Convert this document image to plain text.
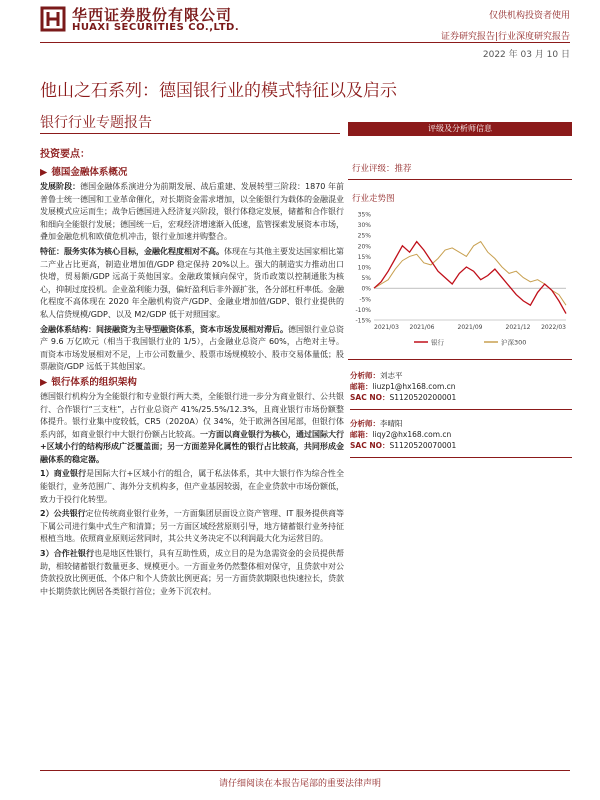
华西证券股份有限公司
HUAXI SECURITIES CO.,LTD.
仅供机构投资者使用
证券研究报告|行业深度研究报告
2022 年 03 月 10 日
他山之石系列：德国银行业的模式特征以及启示
银行行业专题报告
投资要点：
▶ 德国金融体系概况

发展阶段：德国金融体系演进分为前期发展、战后重建、发展转型三阶段：1870 年前普鲁士统一德国和工业革命催化，对长期资金需求增加，以全能银行为载体的金融混业发展模式应运而生；战争后德国进入经济复兴阶段，银行体稳定发展，储蓄和合作银行和细向全能银行发展；德国统一后，宏观经济增速渐入低速，监管探索发展资本市场，叠加金融危机和欧债危机冲击，银行业加速并购整合。

特征：服务实体为核心目标，金融化程度相对不高。体现在与其他主要发达国家相比第二产业占比更高，制造业增加值/GDP 稳定保持 20%以上。强大的制造实力推动出口快增，贸易额/GDP 远高于英他国家。金融政策倾向保守，货币政策以控制通胀为核心，抑制过度投机。企业盈利能力强，偏好盈利后非外源扩张，各分部杠杆率低。金融化程度不高体现在 2020 年全融机构资产/GDP、金融业增加值/GDP、银行业提供的私人信贷规模/GDP、以及 M2/GDP 低于对照国家。

金融体系结构：间接融资为主导型融资体系，资本市场发展相对滞后。德国银行业总资产 9.6 万亿欧元（相当于我国银行业的 1/5），占金融业总资产 60%，占绝对主导。而资本市场发展相对不足，上市公司数量少、股票市场规模较小、股市交易体量低；股票融资/GDP 远低于其他国家。

▶ 银行体系的组织架构

德国银行机构分为全能银行和专业银行两大类，全能银行进一步分为商业银行、公共银行、合作银行“三支柱”，占行业总资产 41%/25.5%/12.3%，且商业银行市场份额整体提升。银行业集中度较低，CR5（2020A）仅 34%，处于欧洲各国尾部，但银行体系内部，如商业银行中大银行份额占比较高。一方面以商业银行为核心，通过国际大行+区域小行的结构形成广泛覆盖面；另一方面差异化属性的银行占比较高，共同形成金融体系的稳定器。

1）商业银行是国际大行+区域小行的组合，属于私法体系，其中大银行作为综合性全能银行，业务范围广、海外分支机构多，但产业基因较弱，在企业贷款中市场份额低，致力于投行化转型。

2）公共银行定位传统商业银行业务，一方面集团层面设立资产管理、IT 服务提供商等下属公司进行集中式生产和清算；另一方面区域经营原则引导，地方储蓄银行业务持征根植当地。依照商业原则运营同时，其公共义务决定不以利润最大化为运营目的。

3）合作社银行也是地区性银行，具有互助性质，成立目的是为急需资金的会员提供帮助，相较储蓄银行数量更多、规模更小。一方面业务仍然整体相对保守，且贷款中对公贷款投放比例更低、个体户和个人贷款比例更高；另一方面贷款期限也快速拉长，贷款中长期贷款比例居各类银行首位；业务下沉农村。

评级及分析师信息
行业评级：推荐
行业走势图
35%
30%
25%
20%
15%
10%
5%
0%
-5%
-10%
-15%
2021/03 2021/06	2021/09	2021/12 2022/03
银行	沪深300
分析师：刘志平
邮箱：liuzp1@hx168.com.cn
SAC NO：S1120520200001
分析师：李晴阳
邮箱：liqy2@hx168.com.cn
SAC NO：S1120520070001
请仔细阅读在本报告尾部的重要法律声明
